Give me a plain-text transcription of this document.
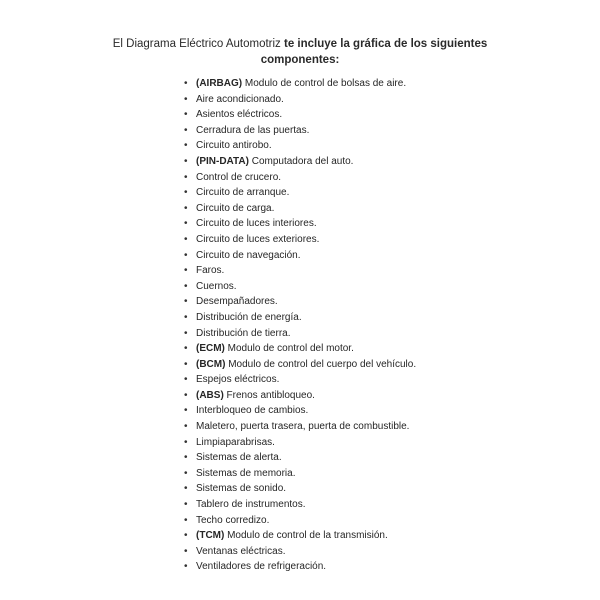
El Diagrama Eléctrico Automotriz te incluye la gráfica de los siguientes componentes:
• (AIRBAG) Modulo de control de bolsas de aire.
• Aire acondicionado.
• Asientos eléctricos.
• Cerradura de las puertas.
• Circuito antirobo.
• (PIN-DATA) Computadora del auto.
• Control de crucero.
• Circuito de arranque.
• Circuito de carga.
• Circuito de luces interiores.
• Circuito de luces exteriores.
• Circuito de navegación.
• Faros.
• Cuernos.
• Desempañadores.
• Distribución de energía.
• Distribución de tierra.
• (ECM) Modulo de control del motor.
• (BCM) Modulo de control del cuerpo del vehículo.
• Espejos eléctricos.
• (ABS) Frenos antibloqueo.
• Interbloqueo de cambios.
• Maletero, puerta trasera, puerta de combustible.
• Limpiaparabrisas.
• Sistemas de alerta.
• Sistemas de memoria.
• Sistemas de sonido.
• Tablero de instrumentos.
• Techo corredizo.
• (TCM) Modulo de control de la transmisión.
• Ventanas eléctricas.
• Ventiladores de refrigeración.
